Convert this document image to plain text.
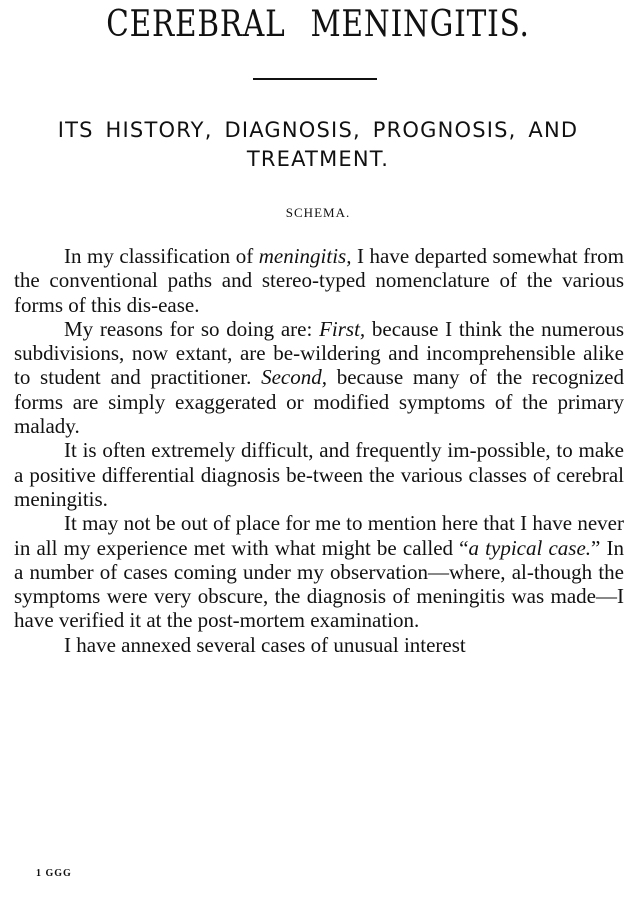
CEREBRAL MENINGITIS.
ITS HISTORY, DIAGNOSIS, PROGNOSIS, AND TREATMENT.
SCHEMA.

In my classification of meningitis, I have departed somewhat from the conventional paths and stereo-typed nomenclature of the various forms of this dis-ease.

My reasons for so doing are: First, because I think the numerous subdivisions, now extant, are be-wildering and incomprehensible alike to student and practitioner. Second, because many of the recognized forms are simply exaggerated or modified symptoms of the primary malady.

It is often extremely difficult, and frequently im-possible, to make a positive differential diagnosis be-tween the various classes of cerebral meningitis.

It may not be out of place for me to mention here that I have never in all my experience met with what might be called “a typical case.” In a number of cases coming under my observation—where, al-though the symptoms were very obscure, the diagnosis of meningitis was made—I have verified it at the post-mortem examination.

I have annexed several cases of unusual interest

1 GGG
